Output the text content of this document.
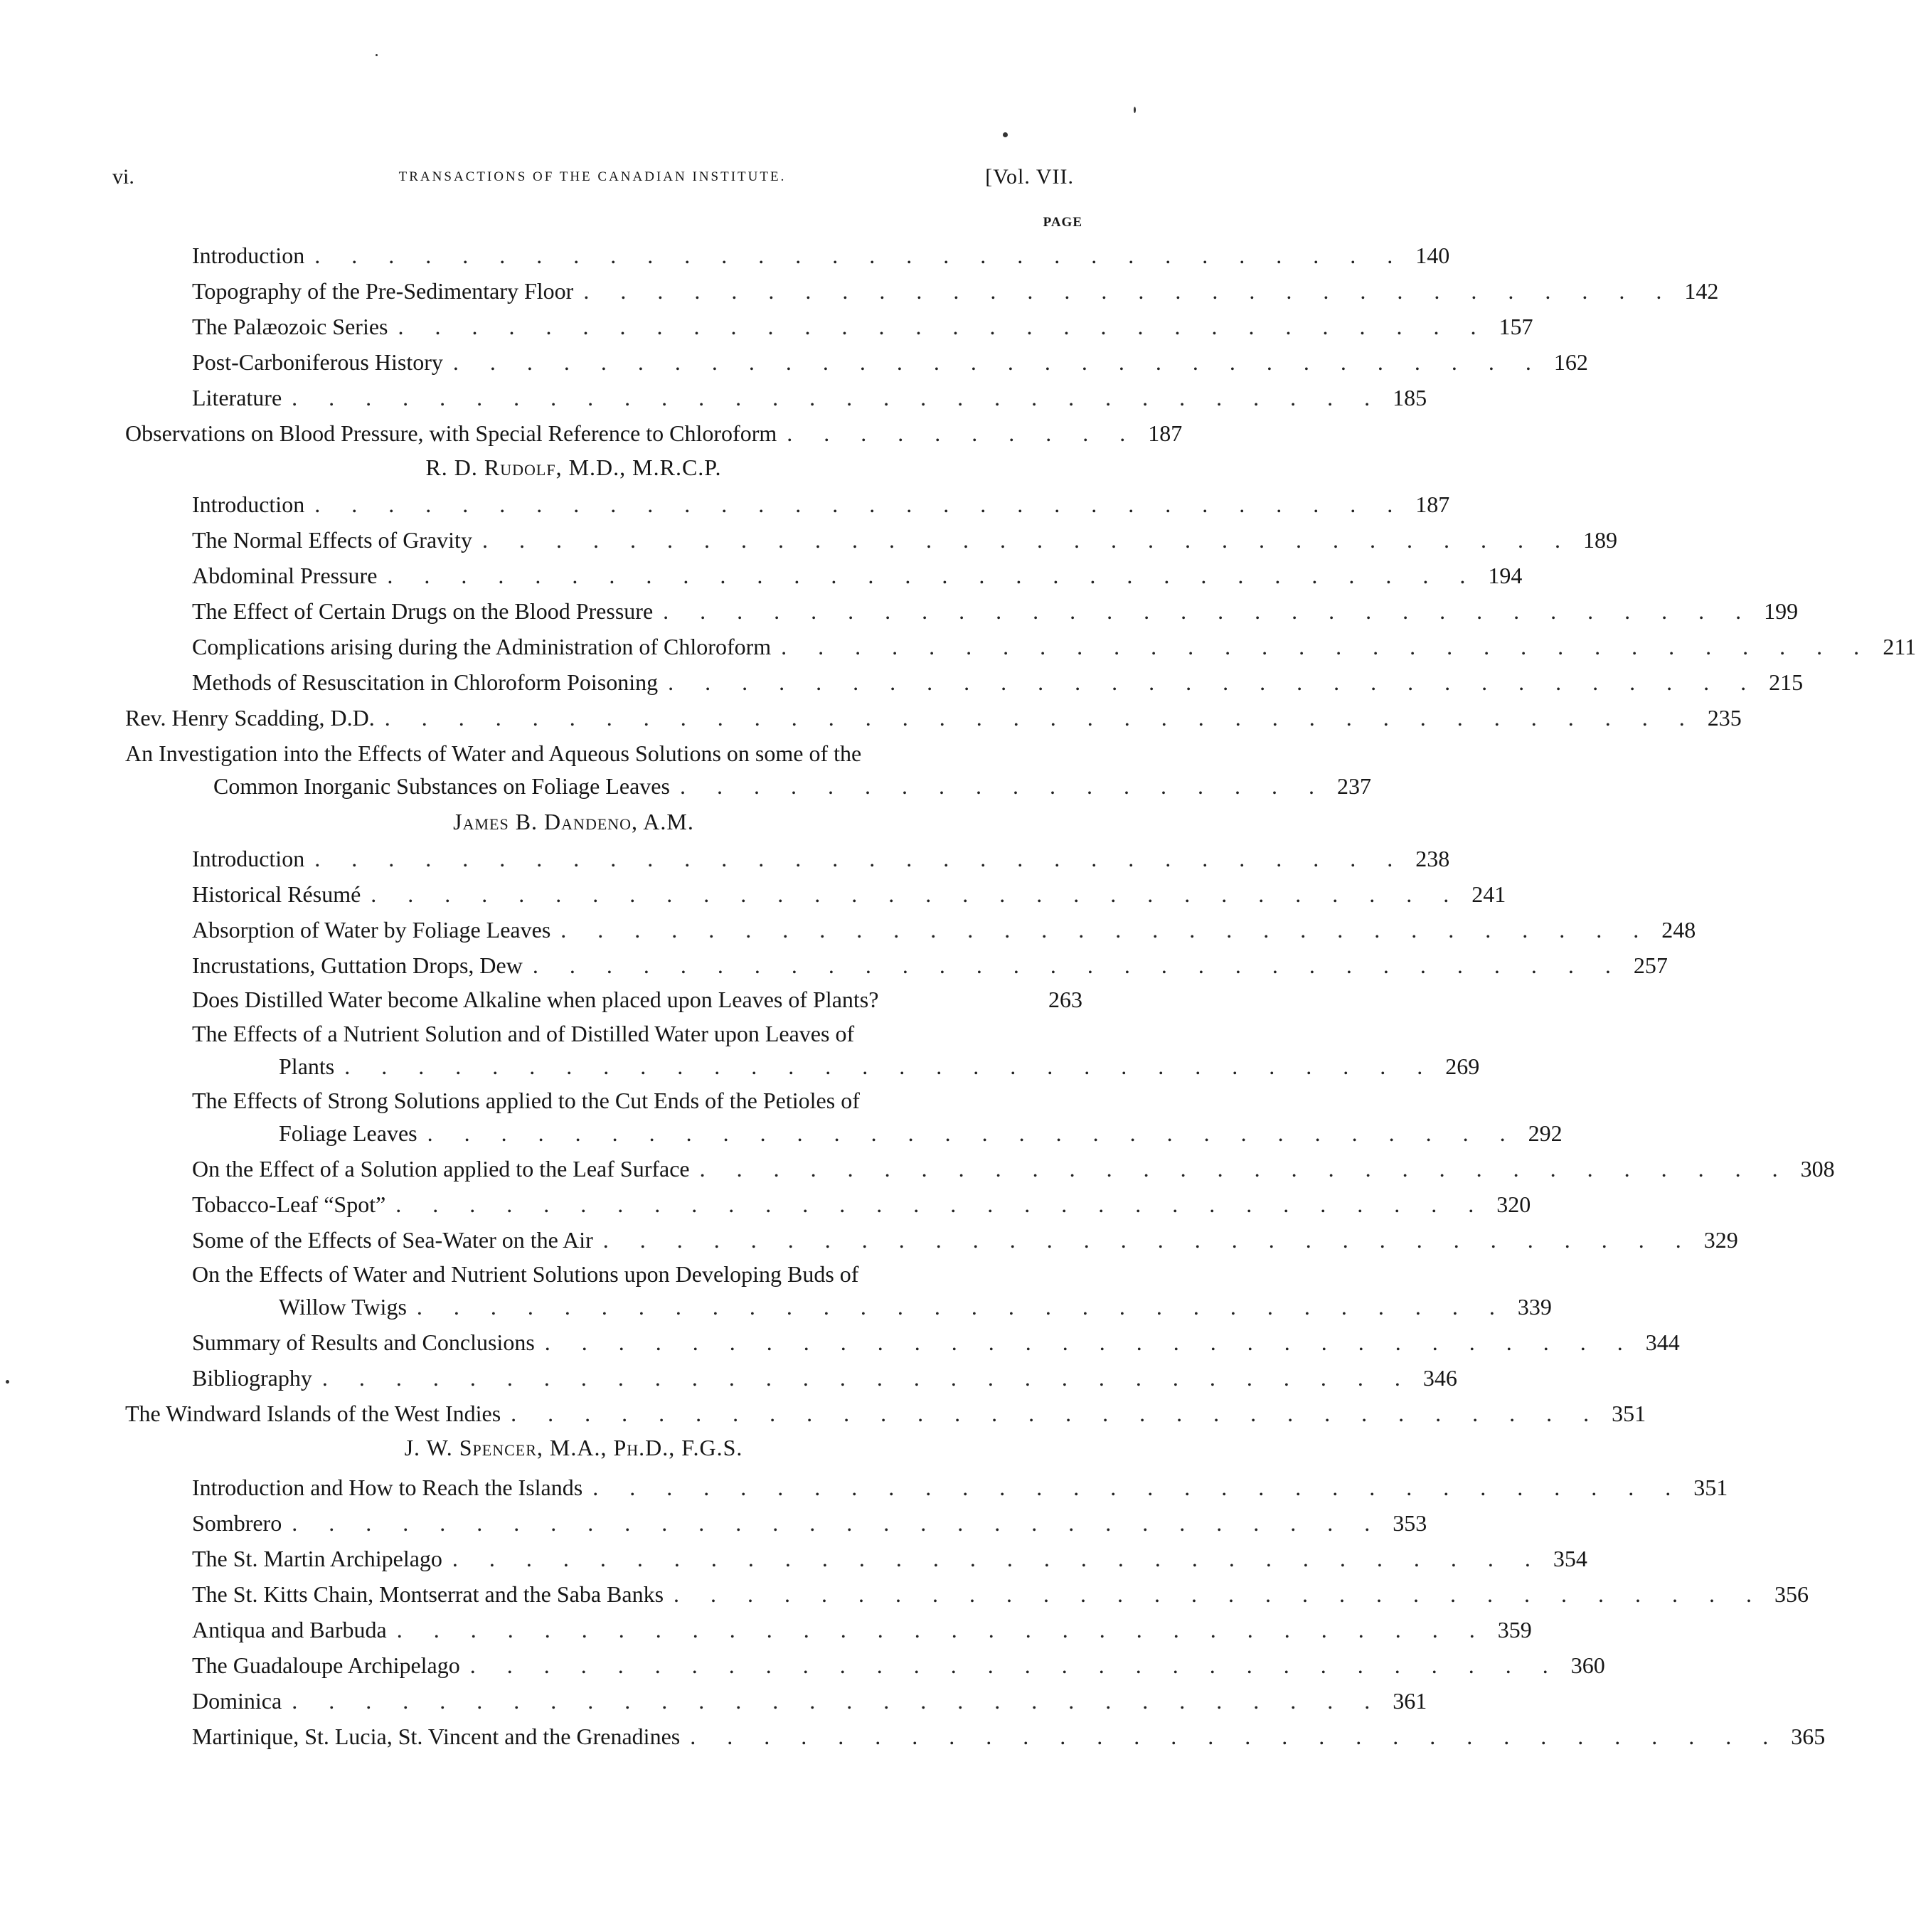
vi.	TRANSACTIONS OF THE CANADIAN INSTITUTE.	[Vol. VII.
PAGE
Introduction . . . . . . . . . . . . . . . . . . . . . . . . . . . . . . 140
Topography of the Pre-Sedimentary Floor . . . . . . . . . . . . . . . . . . . . . . . . . . . . . . 142
The Palæozoic Series . . . . . . . . . . . . . . . . . . . . . . . . . . . . . . 157
Post-Carboniferous History . . . . . . . . . . . . . . . . . . . . . . . . . . . . . . 162
Literature . . . . . . . . . . . . . . . . . . . . . . . . . . . . . . 185
Observations on Blood Pressure, with Special Reference to Chloroform . . . . . . . . . . 187
R. D. Rudolf, M.D., M.R.C.P.
Introduction . . . . . . . . . . . . . . . . . . . . . . . . . . . . . . 187
The Normal Effects of Gravity . . . . . . . . . . . . . . . . . . . . . . . . . . . . . . 189
Abdominal Pressure . . . . . . . . . . . . . . . . . . . . . . . . . . . . . . 194
The Effect of Certain Drugs on the Blood Pressure . . . . . . . . . . . . . . . . . . . . . . . . . . . . . . 199
Complications arising during the Administration of Chloroform . . . . . . . . . . . . . . . . . . . . . . . . . . . . . . 211
Methods of Resuscitation in Chloroform Poisoning . . . . . . . . . . . . . . . . . . . . . . . . . . . . . . 215
Rev. Henry Scadding, D.D. . . . . . . . . . . . . . . . . . . . . . . . . . . . . . . . . . . . . 235
An Investigation into the Effects of Water and Aqueous Solutions on some of the
Common Inorganic Substances on Foliage Leaves . . . . . . . . . . . . . . . . . . 237
James B. Dandeno, A.M.
Introduction . . . . . . . . . . . . . . . . . . . . . . . . . . . . . . 238
Historical Résumé . . . . . . . . . . . . . . . . . . . . . . . . . . . . . . 241
Absorption of Water by Foliage Leaves . . . . . . . . . . . . . . . . . . . . . . . . . . . . . . 248
Incrustations, Guttation Drops, Dew . . . . . . . . . . . . . . . . . . . . . . . . . . . . . . 257
Does Distilled Water become Alkaline when placed upon Leaves of Plants?	263
The Effects of a Nutrient Solution and of Distilled Water upon Leaves of
Plants . . . . . . . . . . . . . . . . . . . . . . . . . . . . . . 269
The Effects of Strong Solutions applied to the Cut Ends of the Petioles of
Foliage Leaves . . . . . . . . . . . . . . . . . . . . . . . . . . . . . . 292
On the Effect of a Solution applied to the Leaf Surface . . . . . . . . . . . . . . . . . . . . . . . . . . . . . . 308
Tobacco-Leaf “Spot” . . . . . . . . . . . . . . . . . . . . . . . . . . . . . . 320
Some of the Effects of Sea-Water on the Air . . . . . . . . . . . . . . . . . . . . . . . . . . . . . . 329
On the Effects of Water and Nutrient Solutions upon Developing Buds of
Willow Twigs . . . . . . . . . . . . . . . . . . . . . . . . . . . . . . 339
Summary of Results and Conclusions . . . . . . . . . . . . . . . . . . . . . . . . . . . . . . 344
Bibliography . . . . . . . . . . . . . . . . . . . . . . . . . . . . . . 346
The Windward Islands of the West Indies . . . . . . . . . . . . . . . . . . . . . . . . . . . . . . 351
J. W. Spencer, M.A., Ph.D., F.G.S.
Introduction and How to Reach the Islands . . . . . . . . . . . . . . . . . . . . . . . . . . . . . . 351
Sombrero . . . . . . . . . . . . . . . . . . . . . . . . . . . . . . 353
The St. Martin Archipelago . . . . . . . . . . . . . . . . . . . . . . . . . . . . . . 354
The St. Kitts Chain, Montserrat and the Saba Banks . . . . . . . . . . . . . . . . . . . . . . . . . . . . . . 356
Antiqua and Barbuda . . . . . . . . . . . . . . . . . . . . . . . . . . . . . . 359
The Guadaloupe Archipelago . . . . . . . . . . . . . . . . . . . . . . . . . . . . . . 360
Dominica . . . . . . . . . . . . . . . . . . . . . . . . . . . . . . 361
Martinique, St. Lucia, St. Vincent and the Grenadines . . . . . . . . . . . . . . . . . . . . . . . . . . . . . . 365
